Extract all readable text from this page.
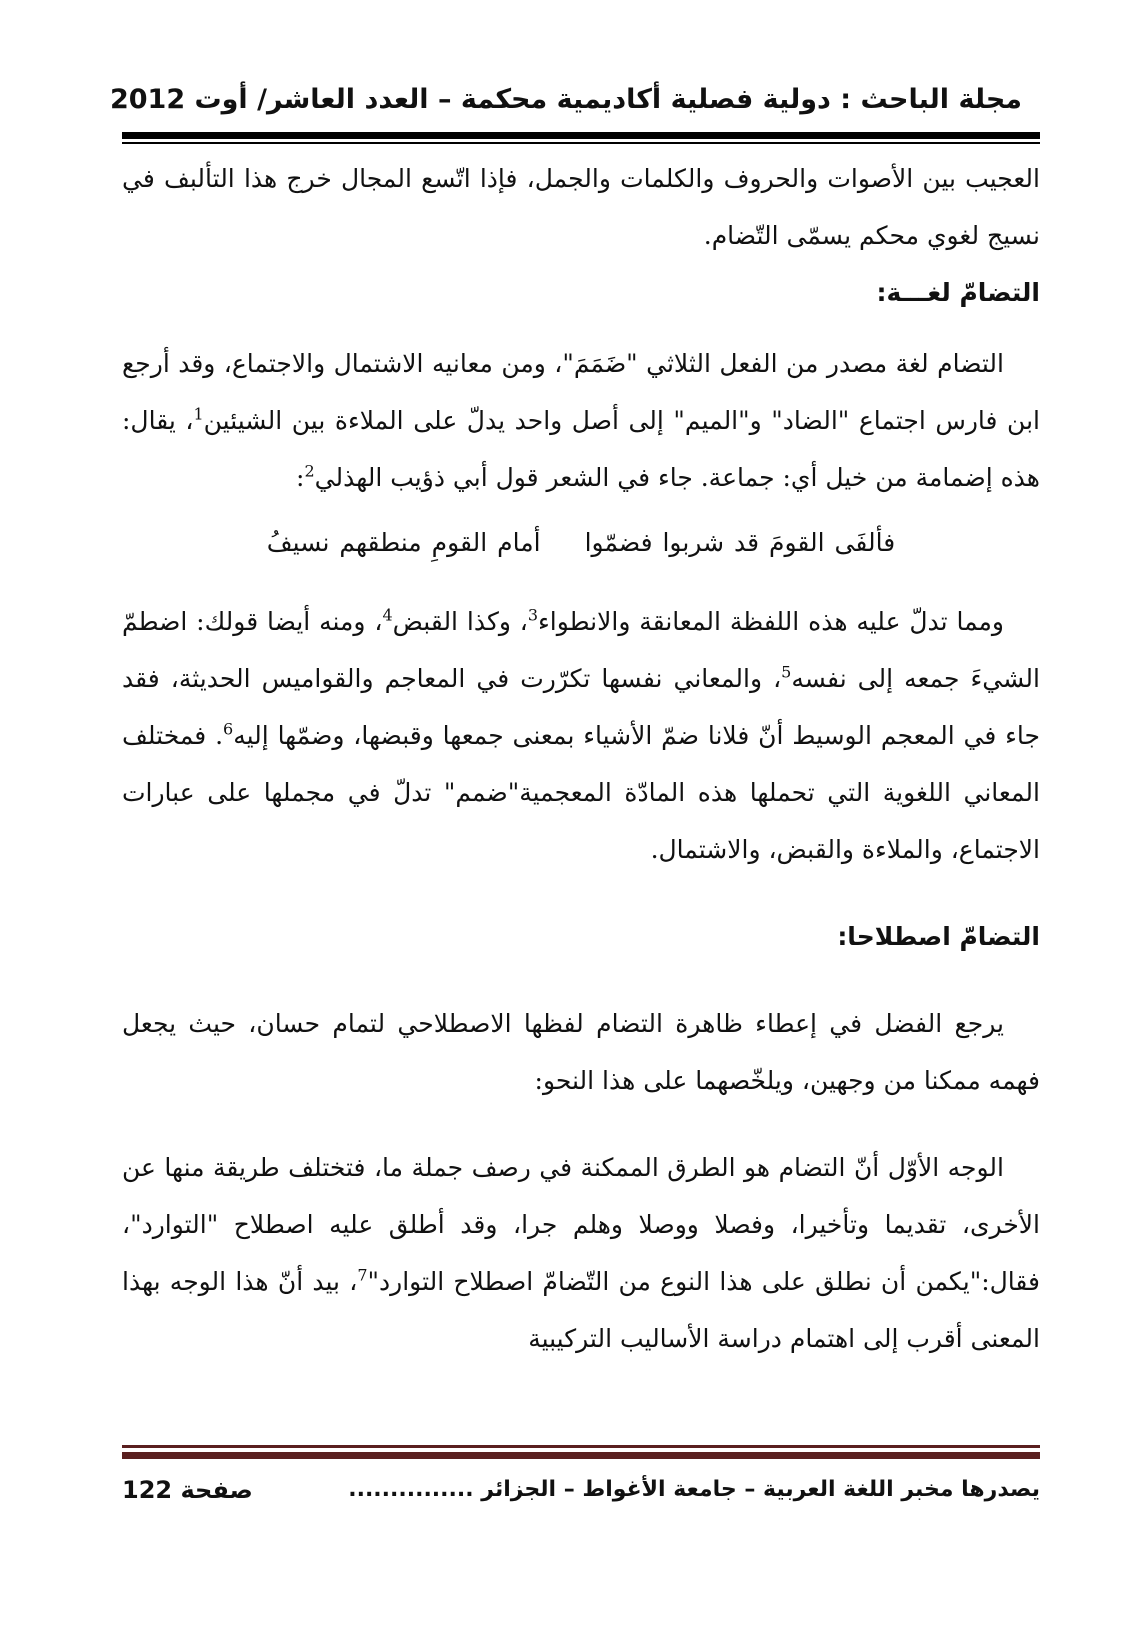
مجلة الباحث : دولية فصلية أكاديمية محكمة – العدد العاشر/ أوت 2012

العجيب بين الأصوات والحروف والكلمات والجمل، فإذا اتّسع المجال خرج هذا التألبف في نسيج لغوي محكم يسمّى التّضام.

التضامّ لغـــة:

التضام لغة مصدر من الفعل الثلاثي "ضَمَمَ"، ومن معانيه الاشتمال والاجتماع، وقد أرجع ابن فارس اجتماع "الضاد" و"الميم" إلى أصل واحد يدلّ على الملاءة بين الشيئين$^1$، يقال: هذه إضمامة من خيل أي: جماعة. جاء في الشعر قول أبي ذؤيب الهذلي$^2$:

فألفَى القومَ قد شربوا فضمّواأمام القومِ منطقهم نسيفُ

ومما تدلّ عليه هذه اللفظة المعانقة والانطواء$^3$، وكذا القبض$^4$، ومنه أيضا قولك: اضطمّ الشيءَ جمعه إلى نفسه$^5$، والمعاني نفسها تكرّرت في المعاجم والقواميس الحديثة، فقد جاء في المعجم الوسيط أنّ فلانا ضمّ الأشياء بمعنى جمعها وقبضها، وضمّها إليه$^6$. فمختلف المعاني اللغوية التي تحملها هذه المادّة المعجمية"ضمم" تدلّ في مجملها على عبارات الاجتماع، والملاءة والقبض، والاشتمال.

التضامّ اصطلاحا:

يرجع الفضل في إعطاء ظاهرة التضام لفظها الاصطلاحي لتمام حسان، حيث يجعل فهمه ممكنا من وجهين، ويلخّصهما على هذا النحو:

الوجه الأوّل أنّ التضام هو الطرق الممكنة في رصف جملة ما، فتختلف طريقة منها عن الأخرى، تقديما وتأخيرا، وفصلا ووصلا وهلم جرا، وقد أطلق عليه اصطلاح "التوارد"، فقال:"يكمن أن نطلق على هذا النوع من التّضامّ اصطلاح التوارد"$^7$، بيد أنّ هذا الوجه بهذا المعنى أقرب إلى اهتمام دراسة الأساليب التركيبية

يصدرها مخبر اللغة العربية – جامعة الأغواط – الجزائر ...............
صفحة 122
